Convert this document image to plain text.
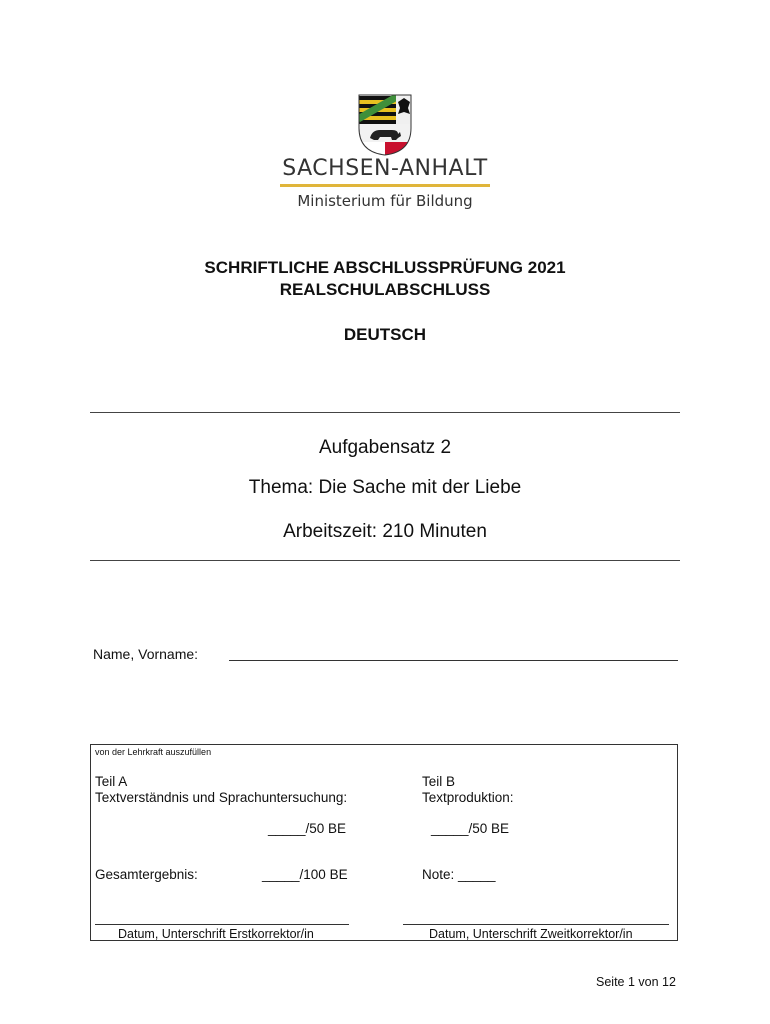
SACHSEN-ANHALT
Ministerium für Bildung
SCHRIFTLICHE ABSCHLUSSPRÜFUNG 2021
REALSCHULABSCHLUSS
DEUTSCH
Aufgabensatz 2
Thema: Die Sache mit der Liebe
Arbeitszeit: 210 Minuten
Name, Vorname:
von der Lehrkraft auszufüllen
Teil A
Textverständnis und Sprachuntersuchung:
_____/50 BE
Teil B
Textproduktion:
_____/50 BE
Gesamtergebnis:	_____/100 BE	Note: _____
Datum, Unterschrift Erstkorrektor/in	Datum, Unterschrift Zweitkorrektor/in
Seite 1 von 12
